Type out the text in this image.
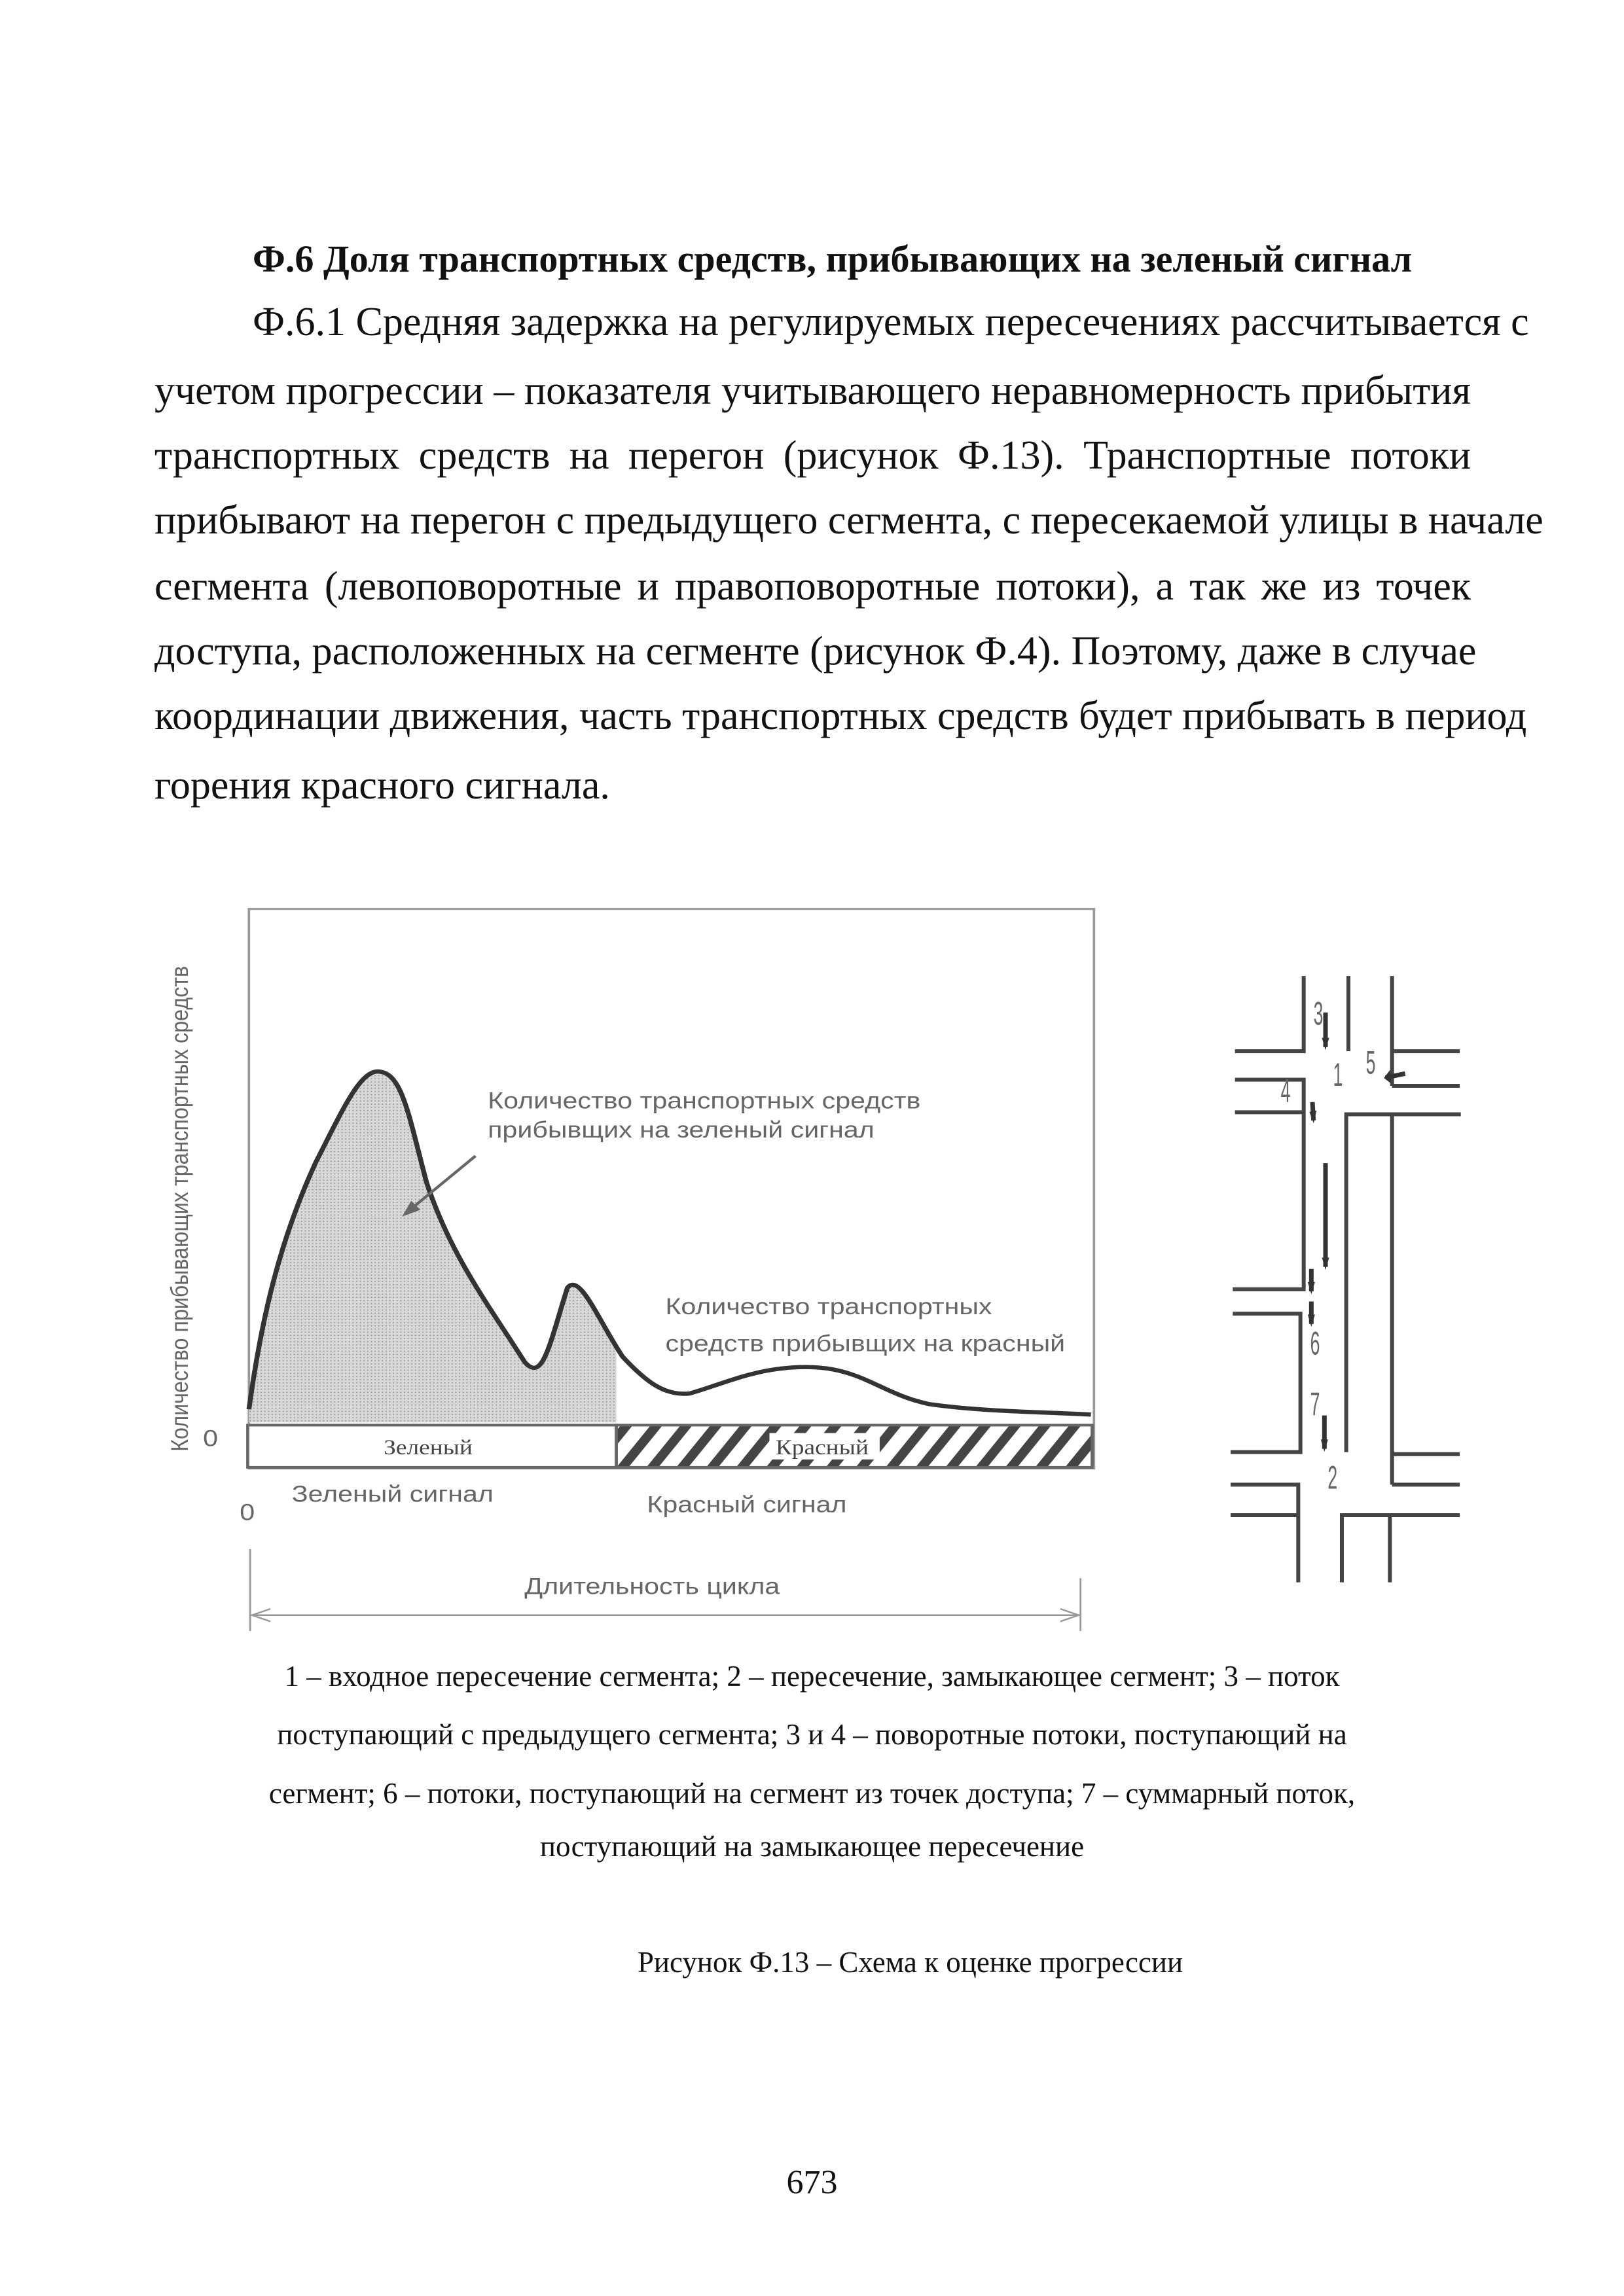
Ф.6 Доля транспортных средств, прибывающих на зеленый сигнал
Ф.6.1 Средняя задержка на регулируемых пересечениях рассчитывается с
учетом прогрессии – показателя учитывающего неравномерность прибытия
транспортных средств на перегон (рисунок Ф.13). Транспортные потоки
прибывают на перегон с предыдущего сегмента, с пересекаемой улицы в начале
сегмента (левоповоротные и правоповоротные потоки), а так же из точек
доступа, расположенных на сегменте (рисунок Ф.4). Поэтому, даже в случае
координации движения, часть транспортных средств будет прибывать в период
горения красного сигнала.
Количество прибывающих транспортных средств	Количество транспортных средств
прибывщих на зеленый сигнал
Количество транспортных
средств прибывщих на красный
0	Зеленый	Красный
Зеленый сигнал	Красный сигнал
0
Длительность цикла
1
2
3
4
5
6
7
1 – входное пересечение сегмента; 2 – пересечение, замыкающее сегмент; 3 – поток
поступающий с предыдущего сегмента; 3 и 4 – поворотные потоки, поступающий на
сегмент; 6 – потоки, поступающий на сегмент из точек доступа; 7 – суммарный поток,
поступающий на замыкающее пересечение
Рисунок Ф.13 – Схема к оценке прогрессии
673
